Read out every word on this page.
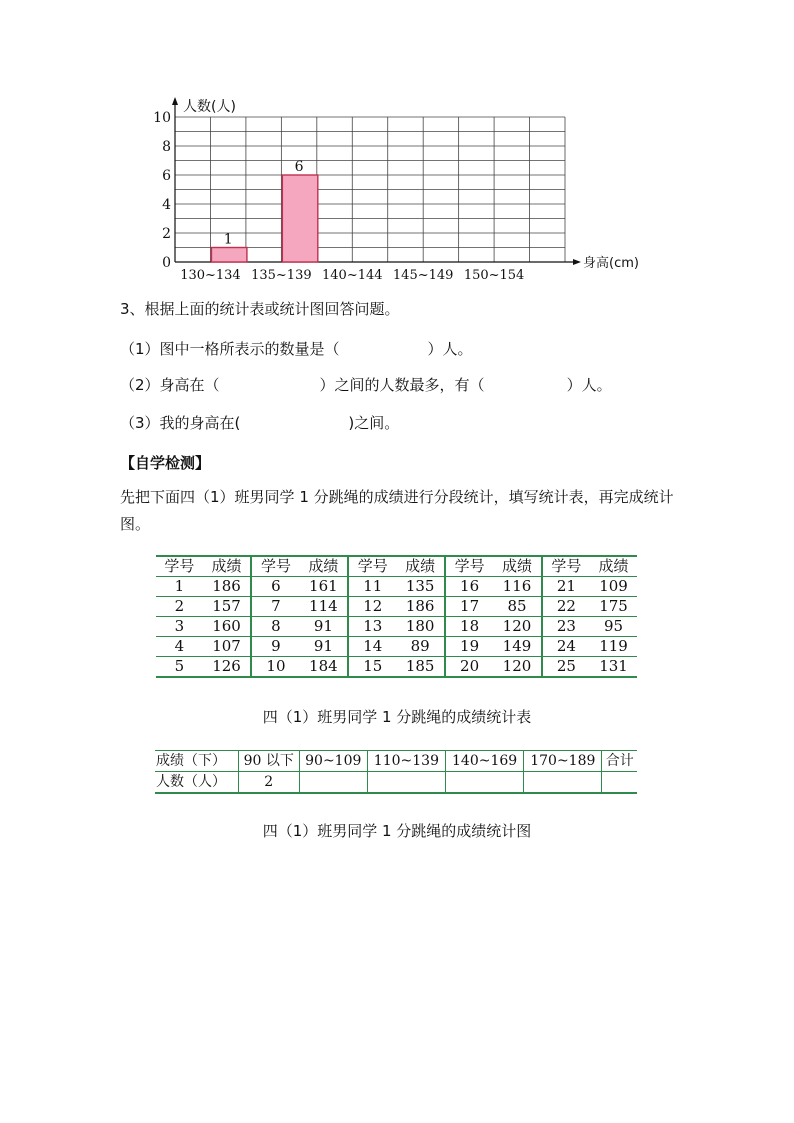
0
2
4
6
8
10
130~134
1
135~139
6
140~144 145~149 150~154
人数(人)
身高(cm)
3、根据上面的统计表或统计图回答问题。
（1）图中一格所表示的数量是（	）人。
（2）身高在（	）之间的人数最多，有（	）人。
（3）我的身高在(	)之间。
【自学检测】
先把下面四（1）班男同学 1 分跳绳的成绩进行分段统计，填写统计表，再完成统计图。
学号	成绩	学号	成绩	学号	成绩	学号	成绩	学号	成绩
1	186	6	161	11	135	16	116	21	109
2	157	7	114	12	186	17	85	22	175
3	160	8	91	13	180	18	120	23	95
4	107	9	91	14	89	19	149	24	119
5	126	10	184	15	185	20	120	25	131
四（1）班男同学 1 分跳绳的成绩统计表
成绩（下）	90 以下	90~109	110~139	140~169	170~189	合计
人数（人）	2					
四（1）班男同学 1 分跳绳的成绩统计图
